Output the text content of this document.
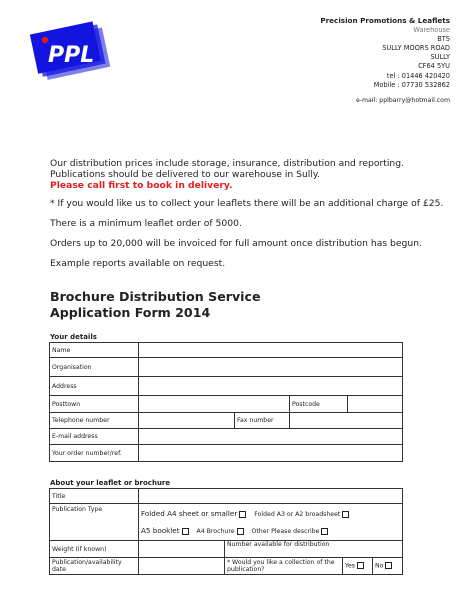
PPL
Precision Promotions & Leaflets
Warehouse
BTS
SULLY MOORS ROAD
SULLY
CF64 5YU
tel : 01446 420420
Mobile : 07730 532862
e-mail: pplbarry@hotmail.com
Our distribution prices include storage, insurance, distribution and reporting.
Publications should be delivered to our warehouse in Sully.
Please call first to book in delivery.
* If you would like us to collect your leaflets there will be an additional charge of £25.
There is a minimum leaflet order of 5000.
Orders up to 20,000 will be invoiced for full amount once distribution has begun.
Example reports available on request.
Brochure Distribution Service
Application Form 2014
Your details
Name				
Organisation				
Address				
Posttown			Postcode	
Telephone number		Fax number		
E-mail address				
Your order number/ref.				
About your leaflet or brochure
Title				
Publication Type	Folded A4 sheet or smaller Folded A3 or A2 broadsheet
A5 booklet A4 Brochure Other Please describe			

Weight (if known)		Number available for distribution		
Publication/availability date		* Would you like a collection of the publication?	Yes	No
